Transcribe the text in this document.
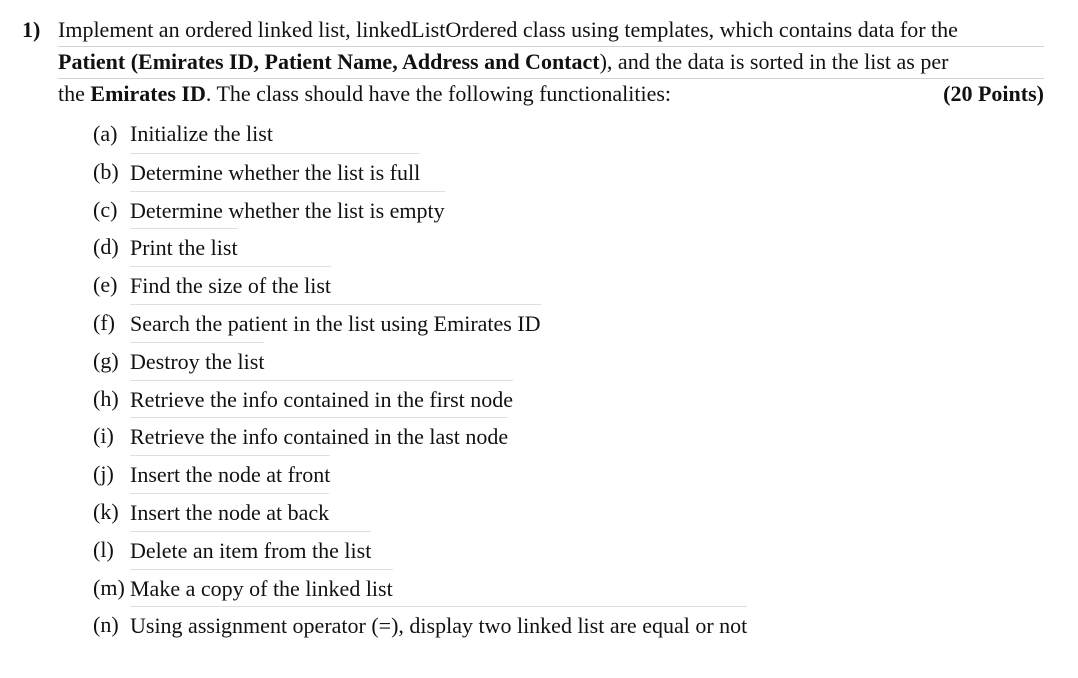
1) Implement an ordered linked list, linkedListOrdered class using templates, which contains data for the
Patient (Emirates ID, Patient Name, Address and Contact), and the data is sorted in the list as per
the Emirates ID. The class should have the following functionalities:	(20 Points)
(a) Initialize the list
(b) Determine whether the list is full
(c) Determine whether the list is empty
(d) Print the list
(e) Find the size of the list
(f) Search the patient in the list using Emirates ID
(g) Destroy the list
(h) Retrieve the info contained in the first node
(i) Retrieve the info contained in the last node
(j) Insert the node at front
(k) Insert the node at back
(l) Delete an item from the list
(m) Make a copy of the linked list
(n) Using assignment operator (=), display two linked list are equal or not
